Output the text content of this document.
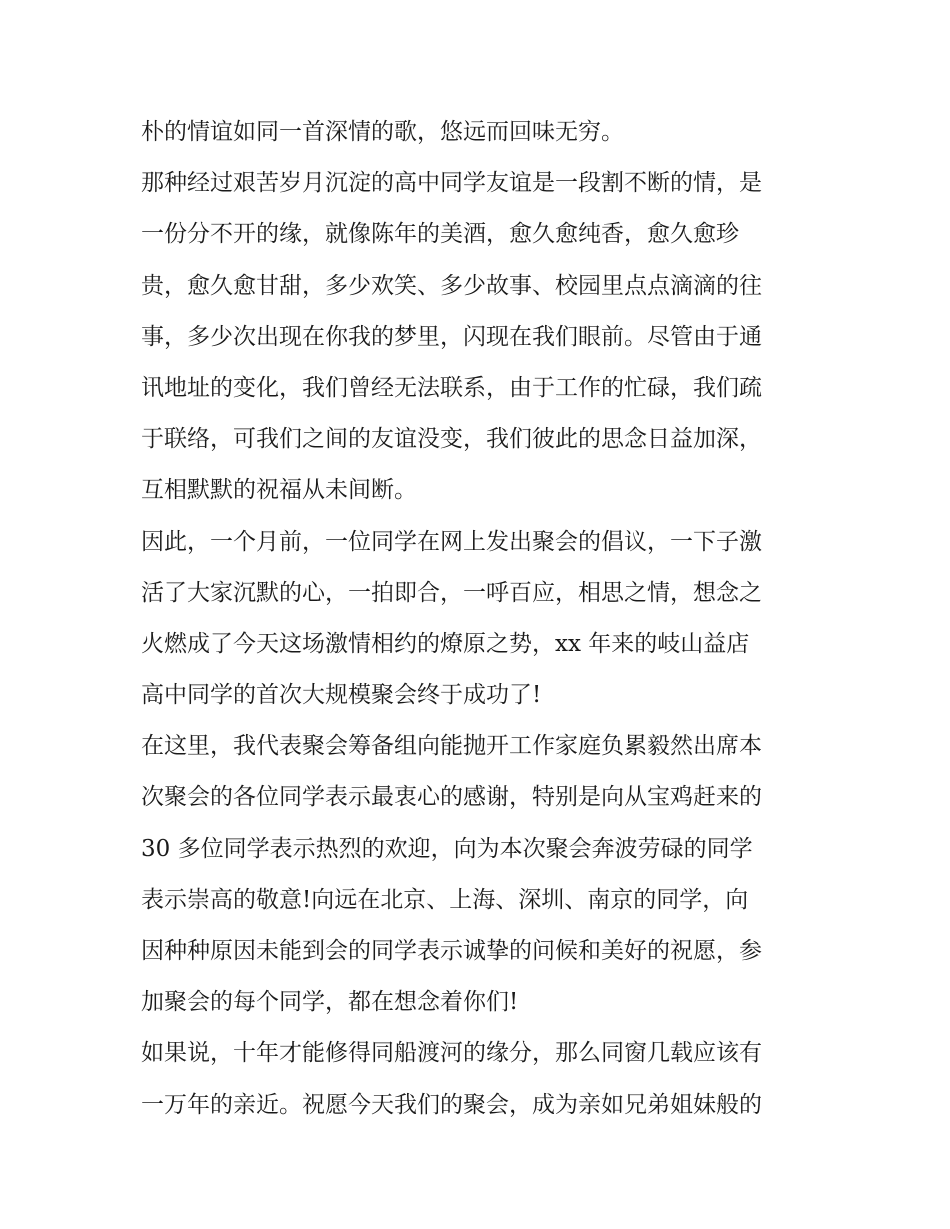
朴的情谊如同一首深情的歌，悠远而回味无穷。
那种经过艰苦岁月沉淀的高中同学友谊是一段割不断的情，是
一份分不开的缘，就像陈年的美酒，愈久愈纯香，愈久愈珍
贵，愈久愈甘甜，多少欢笑、多少故事、校园里点点滴滴的往
事，多少次出现在你我的梦里，闪现在我们眼前。尽管由于通
讯地址的变化，我们曾经无法联系，由于工作的忙碌，我们疏
于联络，可我们之间的友谊没变，我们彼此的思念日益加深，
互相默默的祝福从未间断。
因此，一个月前，一位同学在网上发出聚会的倡议，一下子激
活了大家沉默的心，一拍即合，一呼百应，相思之情，想念之
火燃成了今天这场激情相约的燎原之势，xx 年来的岐山益店
高中同学的首次大规模聚会终于成功了!
在这里，我代表聚会筹备组向能抛开工作家庭负累毅然出席本
次聚会的各位同学表示最衷心的感谢，特别是向从宝鸡赶来的
30 多位同学表示热烈的欢迎，向为本次聚会奔波劳碌的同学
表示崇高的敬意!向远在北京、上海、深圳、南京的同学，向
因种种原因未能到会的同学表示诚挚的问候和美好的祝愿，参
加聚会的每个同学，都在想念着你们!
如果说，十年才能修得同船渡河的缘分，那么同窗几载应该有
一万年的亲近。祝愿今天我们的聚会，成为亲如兄弟姐妹般的
